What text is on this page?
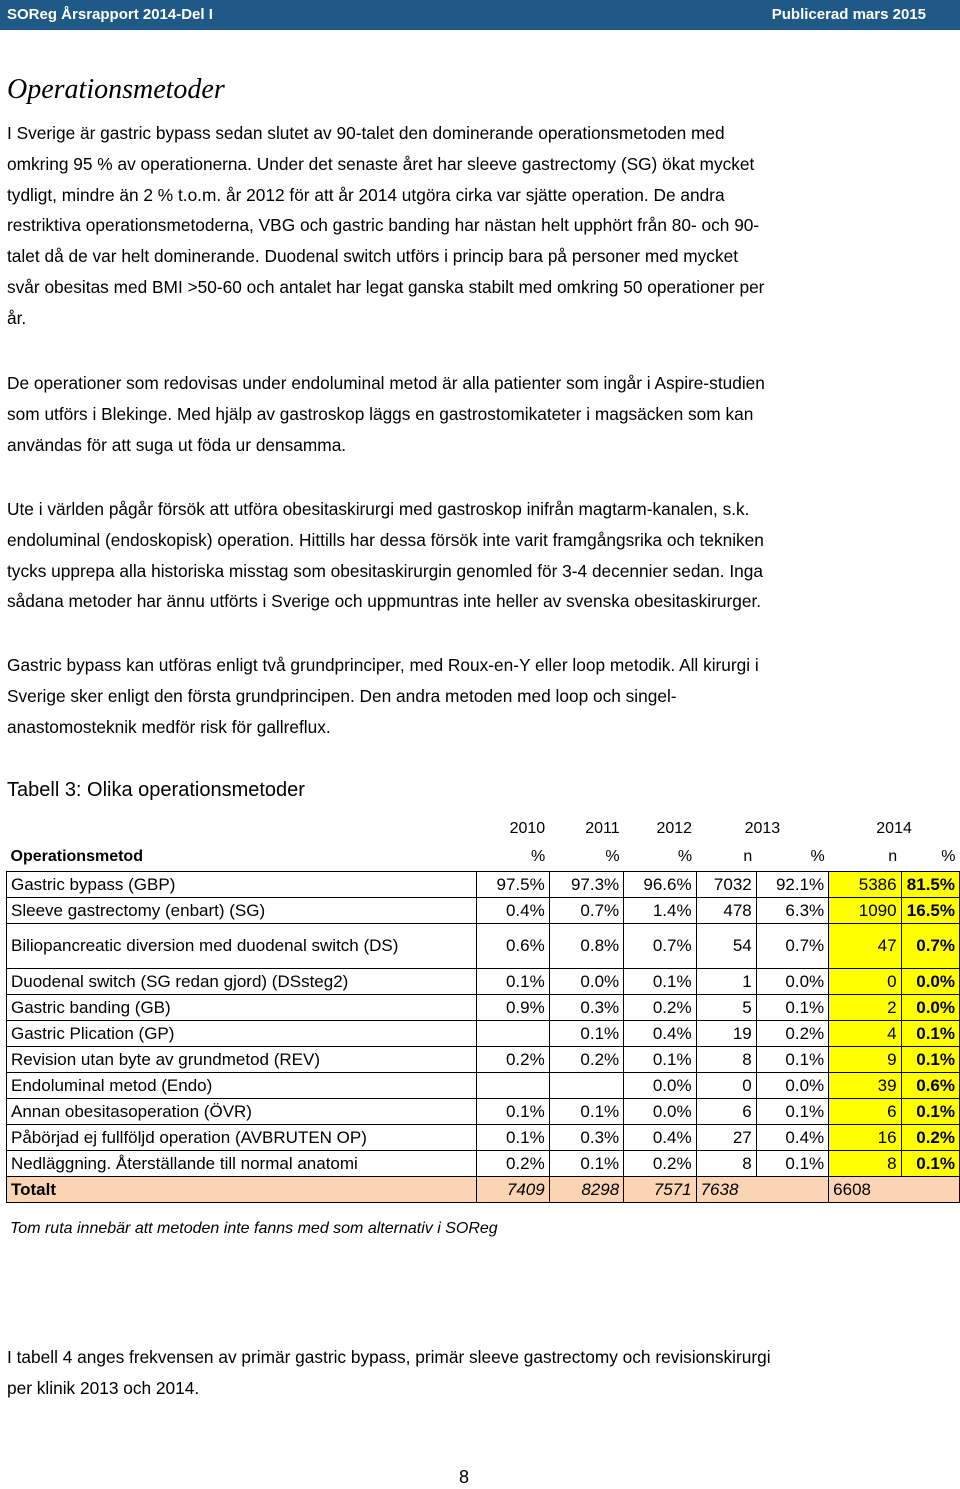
SOReg Årsrapport 2014-Del I	Publicerad mars 2015
Operationsmetoder
I Sverige är gastric bypass sedan slutet av 90-talet den dominerande operationsmetoden med
omkring 95 % av operationerna. Under det senaste året har sleeve gastrectomy (SG) ökat mycket
tydligt, mindre än 2 % t.o.m. år 2012 för att år 2014 utgöra cirka var sjätte operation. De andra
restriktiva operationsmetoderna, VBG och gastric banding har nästan helt upphört från 80- och 90-
talet då de var helt dominerande. Duodenal switch utförs i princip bara på personer med mycket
svår obesitas med BMI >50-60 och antalet har legat ganska stabilt med omkring 50 operationer per
år.
De operationer som redovisas under endoluminal metod är alla patienter som ingår i Aspire-studien
som utförs i Blekinge. Med hjälp av gastroskop läggs en gastrostomikateter i magsäcken som kan
användas för att suga ut föda ur densamma.
Ute i världen pågår försök att utföra obesitaskirurgi med gastroskop inifrån magtarm-kanalen, s.k.
endoluminal (endoskopisk) operation. Hittills har dessa försök inte varit framgångsrika och tekniken
tycks upprepa alla historiska misstag som obesitaskirurgin genomled för 3-4 decennier sedan. Inga
sådana metoder har ännu utförts i Sverige och uppmuntras inte heller av svenska obesitaskirurger.
Gastric bypass kan utföras enligt två grundprinciper, med Roux-en-Y eller loop metodik. All kirurgi i
Sverige sker enligt den första grundprincipen. Den andra metoden med loop och singel-
anastomosteknik medför risk för gallreflux.

Tabell 3: Olika operationsmetoder

	2010	2011	2012	2013		2014	
Operationsmetod	%	%	%	n	%	n	%
Gastric bypass (GBP)	97.5%	97.3%	96.6%	7032	92.1%	5386	81.5%
Sleeve gastrectomy (enbart) (SG)	0.4%	0.7%	1.4%	478	6.3%	1090	16.5%
Biliopancreatic diversion med duodenal switch (DS)	0.6%	0.8%	0.7%	54	0.7%	47	0.7%
Duodenal switch (SG redan gjord) (DSsteg2)	0.1%	0.0%	0.1%	1	0.0%	0	0.0%
Gastric banding (GB)	0.9%	0.3%	0.2%	5	0.1%	2	0.0%
Gastric Plication (GP)		0.1%	0.4%	19	0.2%	4	0.1%
Revision utan byte av grundmetod (REV)	0.2%	0.2%	0.1%	8	0.1%	9	0.1%
Endoluminal metod (Endo)			0.0%	0	0.0%	39	0.6%
Annan obesitasoperation (ÖVR)	0.1%	0.1%	0.0%	6	0.1%	6	0.1%
Påbörjad ej fullföljd operation (AVBRUTEN OP)	0.1%	0.3%	0.4%	27	0.4%	16	0.2%
Nedläggning. Återställande till normal anatomi	0.2%	0.1%	0.2%	8	0.1%	8	0.1%
Totalt	7409	8298	7571	7638		6608	

Tom ruta innebär att metoden inte fanns med som alternativ i SOReg

I tabell 4 anges frekvensen av primär gastric bypass, primär sleeve gastrectomy och revisionskirurgi
per klinik 2013 och 2014.

8
